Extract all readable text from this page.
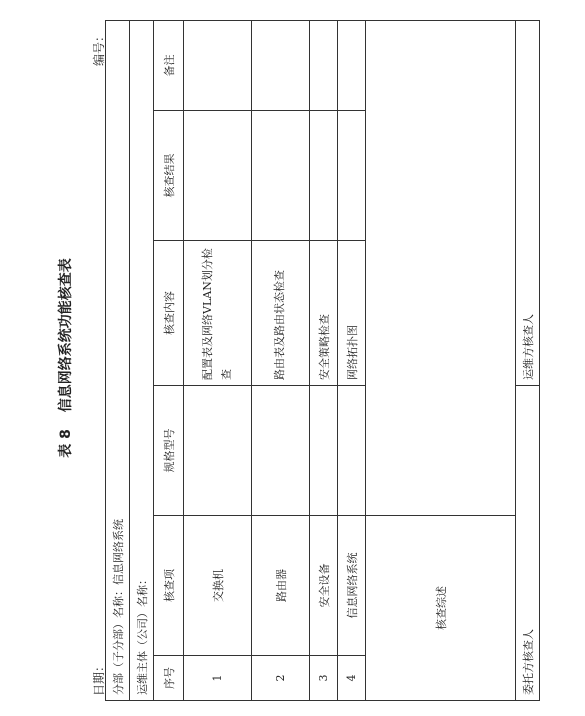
表 8 信息网络系统功能核查表
日期：
编号：
分部（子分部）名称：信息网络系统					
运维主体（公司）名称：					
序号	核查项	规格型号	核查内容	核查结果	备注
1	交换机		配置表及网络VLAN划分检查		

2	路由器		路由表及路由状态检查		

3	安全设备		安全策略检查		
4	信息网络系统		网络拓扑图		
核查综述					
委托方核查人			运维方核查人		
